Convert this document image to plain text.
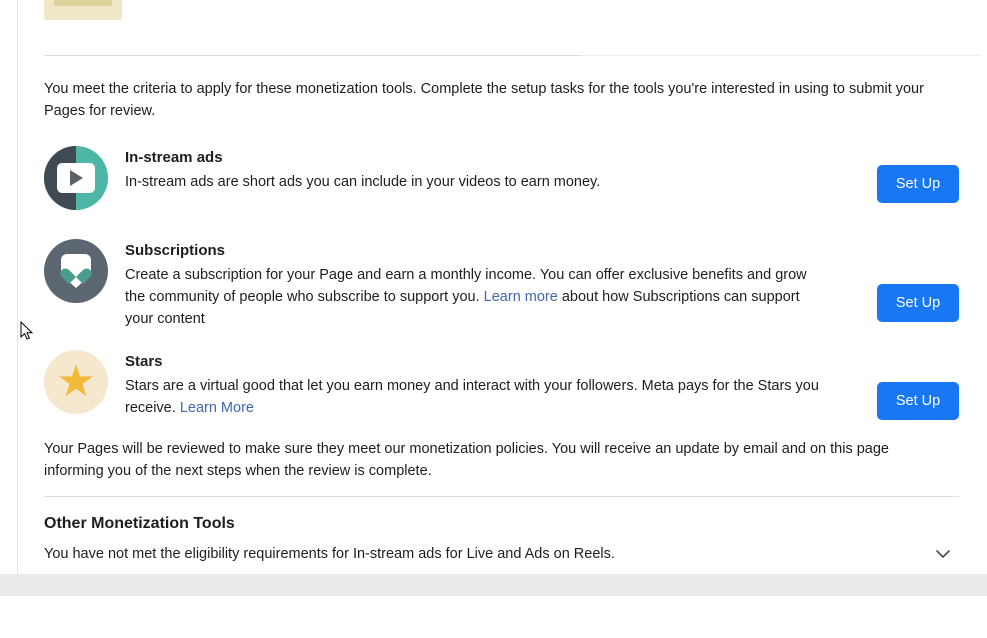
You meet the criteria to apply for these monetization tools. Complete the setup tasks for the tools you're interested in using to submit your Pages for review.
In-stream ads
In-stream ads are short ads you can include in your videos to earn money.	Set Up
Subscriptions
Create a subscription for your Page and earn a monthly income. You can offer exclusive benefits and grow the community of people who subscribe to support you. Learn more about how Subscriptions can support your content
Set Up
★ Stars
Stars are a virtual good that let you earn money and interact with your followers. Meta pays for the Stars you receive. Learn More	Set Up
Your Pages will be reviewed to make sure they meet our monetization policies. You will receive an update by email and on this page informing you of the next steps when the review is complete.
Other Monetization Tools
You have not met the eligibility requirements for In-stream ads for Live and Ads on Reels.
